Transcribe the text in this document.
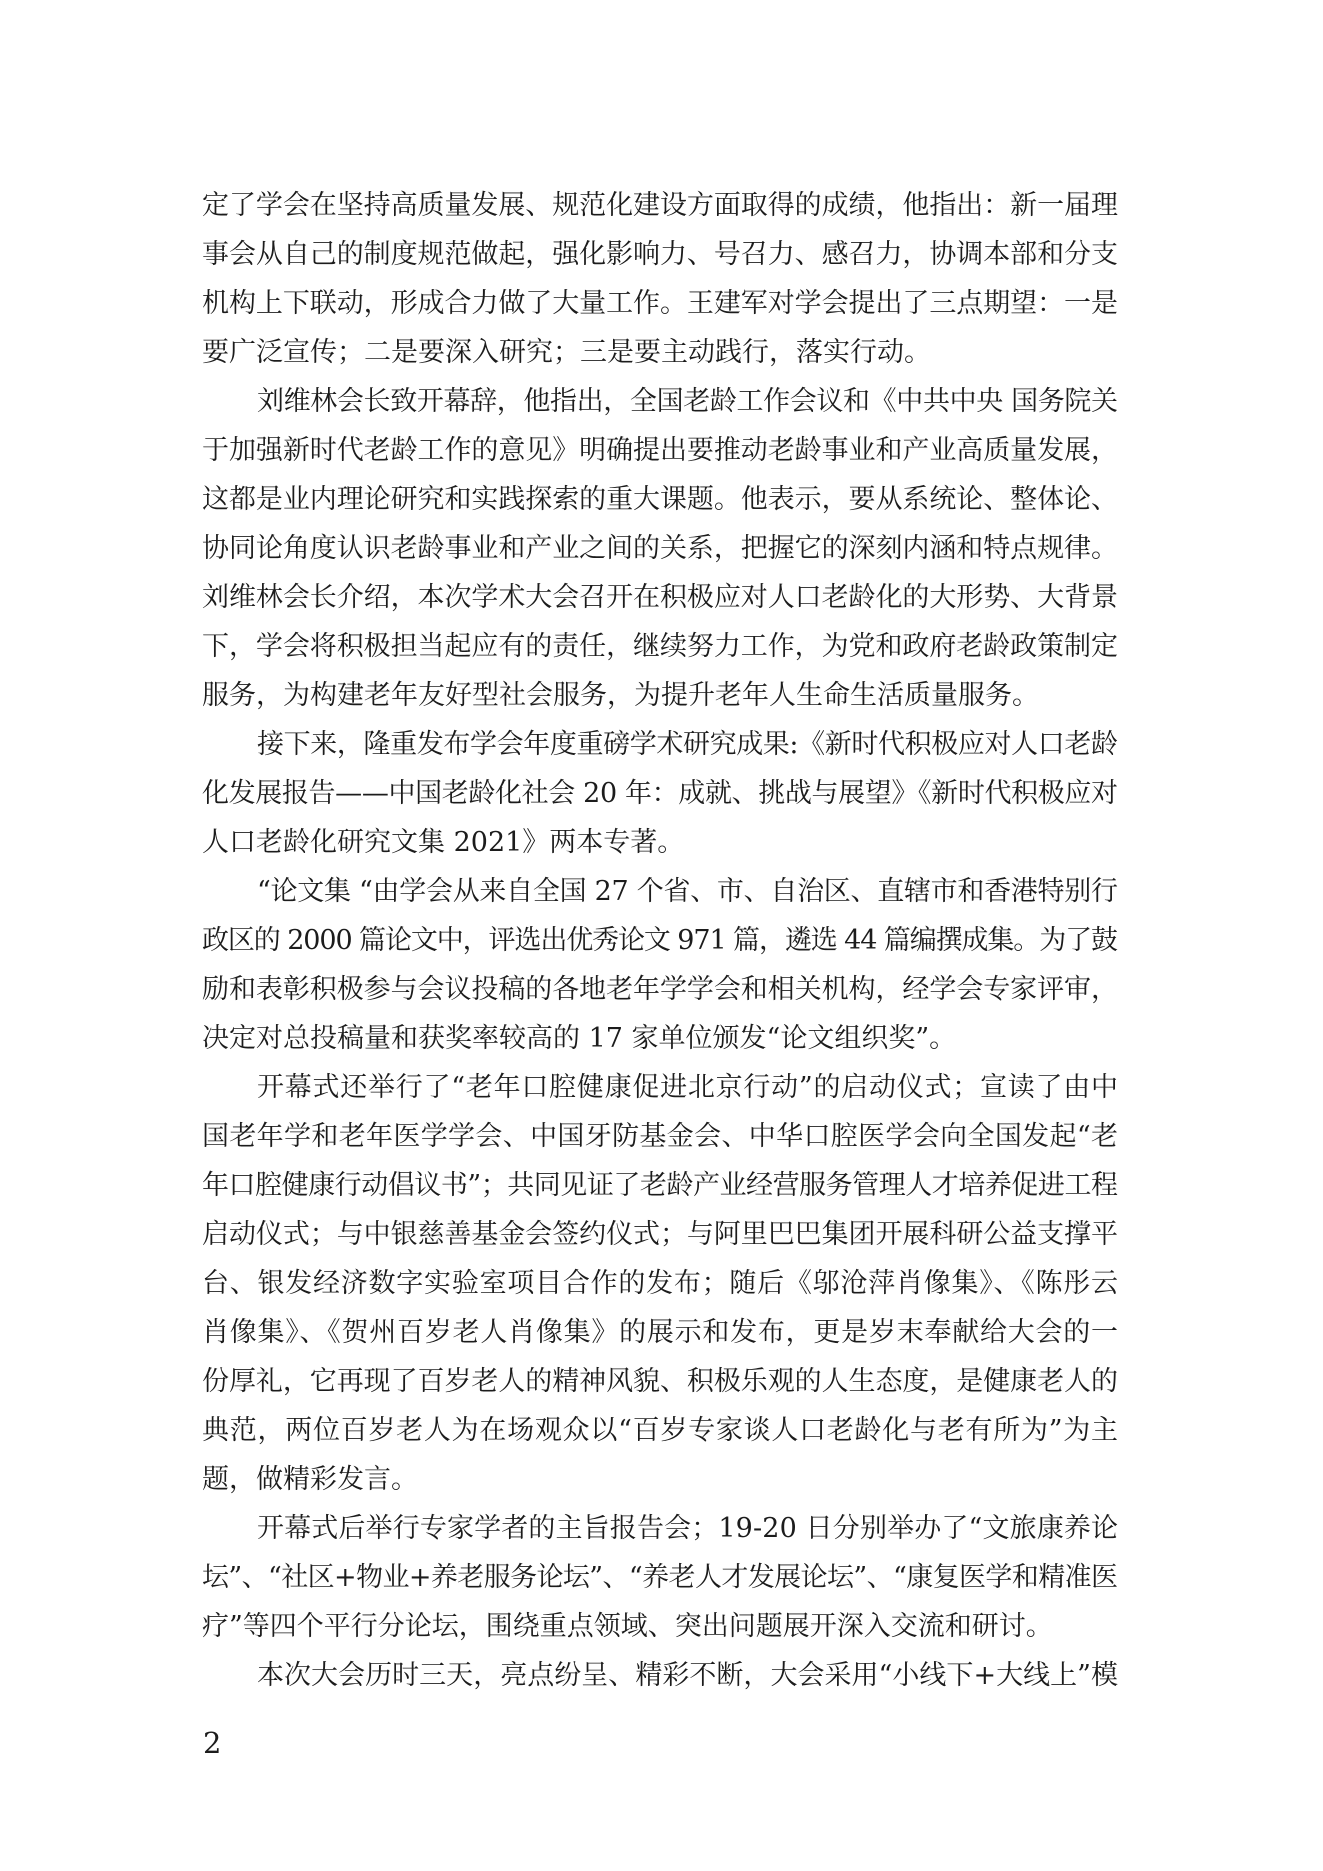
定了学会在坚持高质量发展、规范化建设方面取得的成绩，他指出：新一届理
事会从自己的制度规范做起，强化影响力、号召力、感召力，协调本部和分支
机构上下联动，形成合力做了大量工作。王建军对学会提出了三点期望：一是
要广泛宣传；二是要深入研究；三是要主动践行，落实行动。
刘维林会长致开幕辞，他指出，全国老龄工作会议和《中共中央 国务院关
于加强新时代老龄工作的意见》明确提出要推动老龄事业和产业高质量发展，
这都是业内理论研究和实践探索的重大课题。他表示，要从系统论、整体论、
协同论角度认识老龄事业和产业之间的关系，把握它的深刻内涵和特点规律。
刘维林会长介绍，本次学术大会召开在积极应对人口老龄化的大形势、大背景
下，学会将积极担当起应有的责任，继续努力工作，为党和政府老龄政策制定
服务，为构建老年友好型社会服务，为提升老年人生命生活质量服务。
接下来，隆重发布学会年度重磅学术研究成果:《新时代积极应对人口老龄
化发展报告——中国老龄化社会 20 年：成就、挑战与展望》《新时代积极应对
人口老龄化研究文集 2021》两本专著。
“论文集 “由学会从来自全国 27 个省、市、自治区、直辖市和香港特别行
政区的 2000 篇论文中，评选出优秀论文 971 篇，遴选 44 篇编撰成集。为了鼓
励和表彰积极参与会议投稿的各地老年学学会和相关机构，经学会专家评审，
决定对总投稿量和获奖率较高的 17 家单位颁发“论文组织奖”。
开幕式还举行了“老年口腔健康促进北京行动”的启动仪式；宣读了由中
国老年学和老年医学学会、中国牙防基金会、中华口腔医学会向全国发起“老
年口腔健康行动倡议书”；共同见证了老龄产业经营服务管理人才培养促进工程
启动仪式；与中银慈善基金会签约仪式；与阿里巴巴集团开展科研公益支撑平
台、银发经济数字实验室项目合作的发布；随后《邬沧萍肖像集》、《陈彤云
肖像集》、《贺州百岁老人肖像集》的展示和发布，更是岁末奉献给大会的一
份厚礼，它再现了百岁老人的精神风貌、积极乐观的人生态度，是健康老人的
典范，两位百岁老人为在场观众以“百岁专家谈人口老龄化与老有所为”为主
题，做精彩发言。
开幕式后举行专家学者的主旨报告会；19-20 日分别举办了“文旅康养论
坛”、“社区+物业+养老服务论坛”、“养老人才发展论坛”、“康复医学和精准医
疗”等四个平行分论坛，围绕重点领域、突出问题展开深入交流和研讨。
本次大会历时三天，亮点纷呈、精彩不断，大会采用“小线下+大线上”模
2
